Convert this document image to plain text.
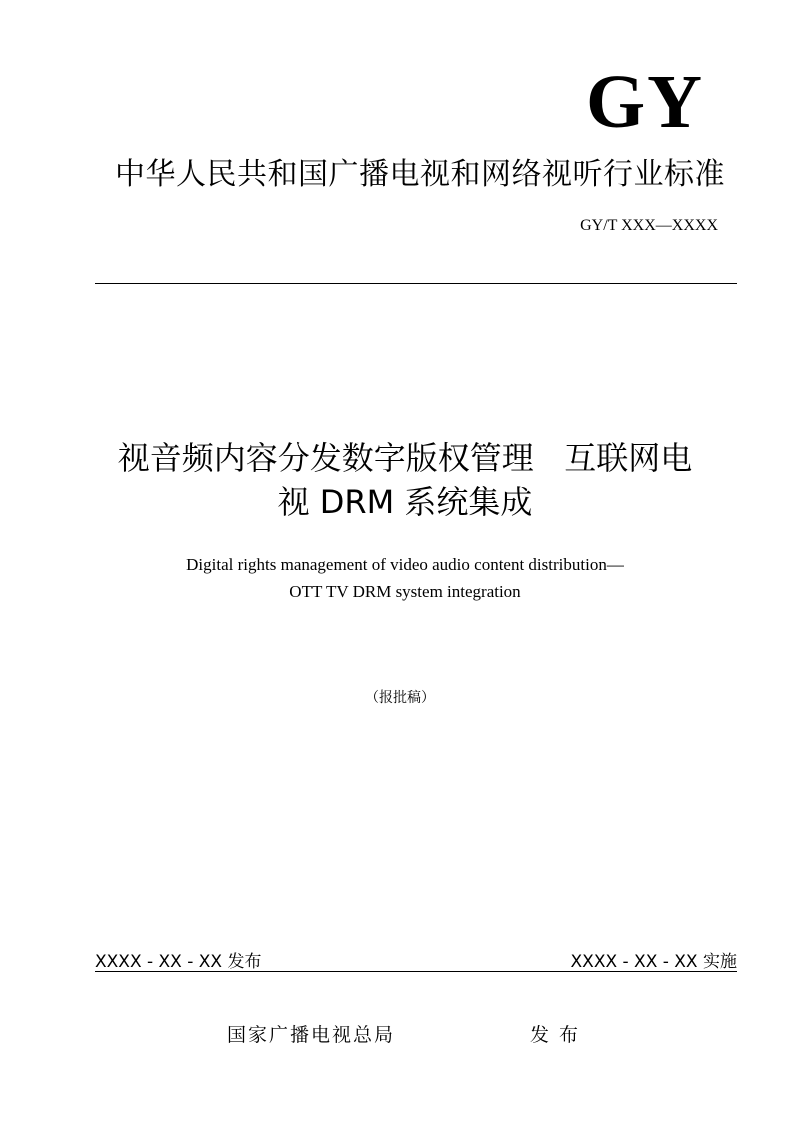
GY
中华人民共和国广播电视和网络视听行业标准
GY/T XXX—XXXX
视音频内容分发数字版权管理   互联网电
视 DRM 系统集成
Digital rights management of video audio content distribution—
OTT TV DRM system integration
（报批稿）
XXXX - XX - XX 发布	XXXX - XX - XX 实施
国家广播电视总局	发布
